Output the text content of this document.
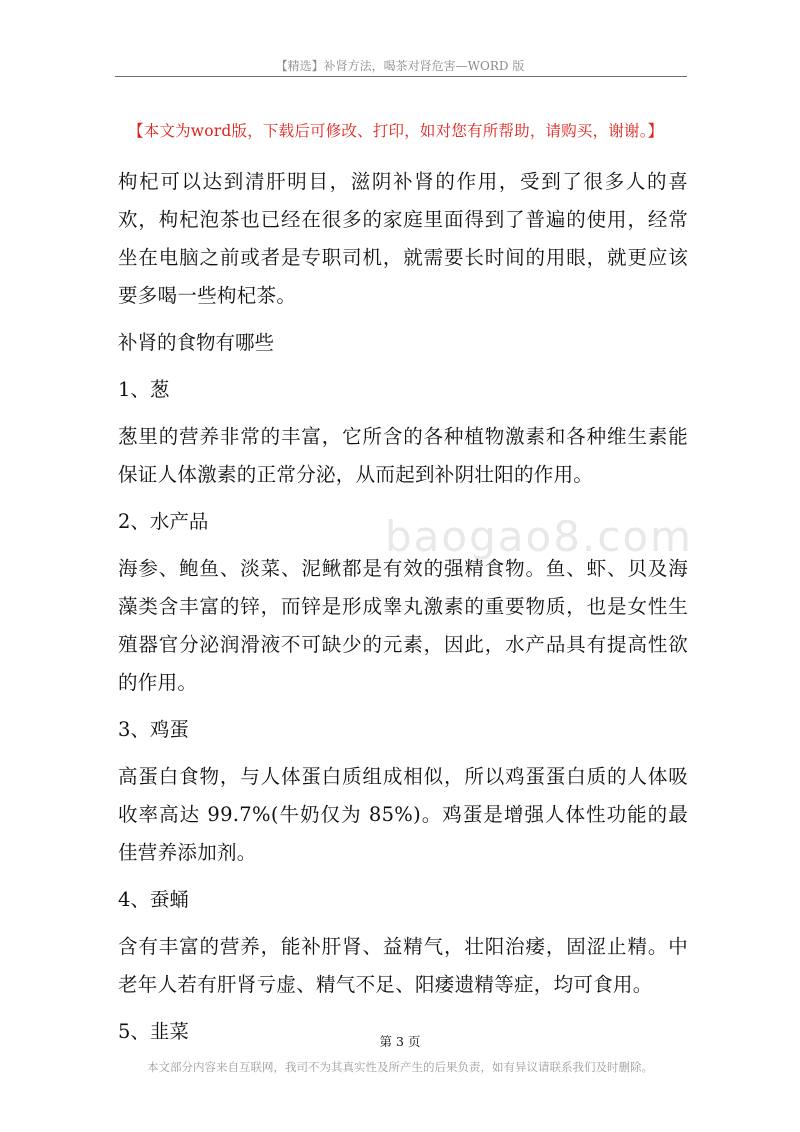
【精选】补肾方法，喝茶对肾危害—WORD 版
【本文为word版，下载后可修改、打印，如对您有所帮助，请购买，谢谢。】
baogao8.com

枸杞可以达到清肝明目，滋阴补肾的作用，受到了很多人的喜欢，枸杞泡茶也已经在很多的家庭里面得到了普遍的使用，经常坐在电脑之前或者是专职司机，就需要长时间的用眼，就更应该要多喝一些枸杞茶。

补肾的食物有哪些

1、葱

葱里的营养非常的丰富，它所含的各种植物激素和各种维生素能保证人体激素的正常分泌，从而起到补阴壮阳的作用。

2、水产品

海参、鲍鱼、淡菜、泥鳅都是有效的强精食物。鱼、虾、贝及海藻类含丰富的锌，而锌是形成睾丸激素的重要物质，也是女性生殖器官分泌润滑液不可缺少的元素，因此，水产品具有提高性欲的作用。

3、鸡蛋

高蛋白食物，与人体蛋白质组成相似，所以鸡蛋蛋白质的人体吸收率高达 99.7%(牛奶仅为 85%)。鸡蛋是增强人体性功能的最佳营养添加剂。

4、蚕蛹

含有丰富的营养，能补肝肾、益精气，壮阳治痿，固涩止精。中老年人若有肝肾亏虚、精气不足、阳痿遗精等症，均可食用。

5、韭菜	第 3 页
本文部分内容来自互联网，我司不为其真实性及所产生的后果负责，如有异议请联系我们及时删除。
